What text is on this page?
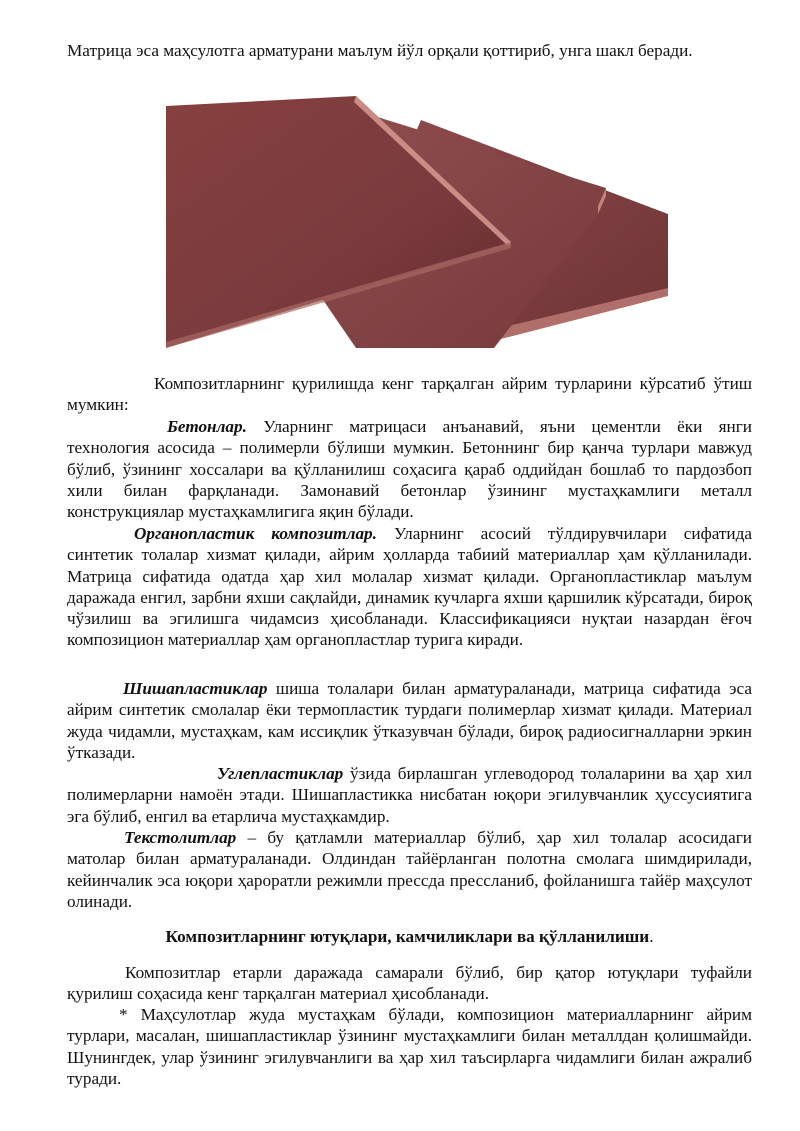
Матрица эса маҳсулотга арматурани маълум йўл орқали қоттириб, унга шакл беради.

Композитларнинг қурилишда кенг тарқалган айрим турларини кўрсатиб ўтиш мумкин:

Бетонлар. Уларнинг матрицаси анъанавий, яъни цементли ёки янги технология асосида – полимерли бўлиши мумкин. Бетоннинг бир қанча турлари мавжуд бўлиб, ўзининг хоссалари ва қўлланилиш соҳасига қараб оддийдан бошлаб то пардозбоп хили билан фарқланади. Замонавий бетонлар ўзининг мустаҳкамлиги металл конструкциялар мустаҳкамлигига яқин бўлади.

Органопластик композитлар. Уларнинг асосий тўлдирувчилари сифатида синтетик толалар хизмат қилади, айрим ҳолларда табиий материаллар ҳам қўлланилади. Матрица сифатида одатда ҳар хил молалар хизмат қилади. Органопластиклар маълум даражада енгил, зарбни яхши сақлайди, динамик кучларга яхши қаршилик кўрсатади, бироқ чўзилиш ва эгилишга чидамсиз ҳисобланади. Классификацияси нуқтаи назардан ёғоч композицион материаллар ҳам органопластлар турига киради.

Шишапластиклар шиша толалари билан арматураланади, матрица сифатида эса айрим синтетик смолалар ёки термопластик турдаги полимерлар хизмат қилади. Материал жуда чидамли, мустаҳкам, кам иссиқлик ўтказувчан бўлади, бироқ радиосигналларни эркин ўтказади.

Углепластиклар ўзида бирлашган углеводород толаларини ва ҳар хил полимерларни намоён этади. Шишапластикка нисбатан юқори эгилувчанлик ҳуссусиятига эга бўлиб, енгил ва етарлича мустаҳкамдир.

Текстолитлар – бу қатламли материаллар бўлиб, ҳар хил толалар асосидаги матолар билан арматураланади. Олдиндан тайёрланган полотна смолага шимдирилади, кейинчалик эса юқори ҳароратли режимли прессда пресcланиб, фойланишга тайёр маҳсулот олинади.

Композитларнинг ютуқлари, камчиликлари ва қўлланилиши.

Композитлар етарли даражада самарали бўлиб, бир қатор ютуқлари туфайли қурилиш соҳасида кенг тарқалган материал ҳисобланади.

* Маҳсулотлар жуда мустаҳкам бўлади, композицион материалларнинг айрим турлари, масалан, шишапластиклар ўзининг мустаҳкамлиги билан металлдан қолишмайди. Шунингдек, улар ўзининг эгилувчанлиги ва ҳар хил таъсирларга чидамлиги билан ажралиб туради.
